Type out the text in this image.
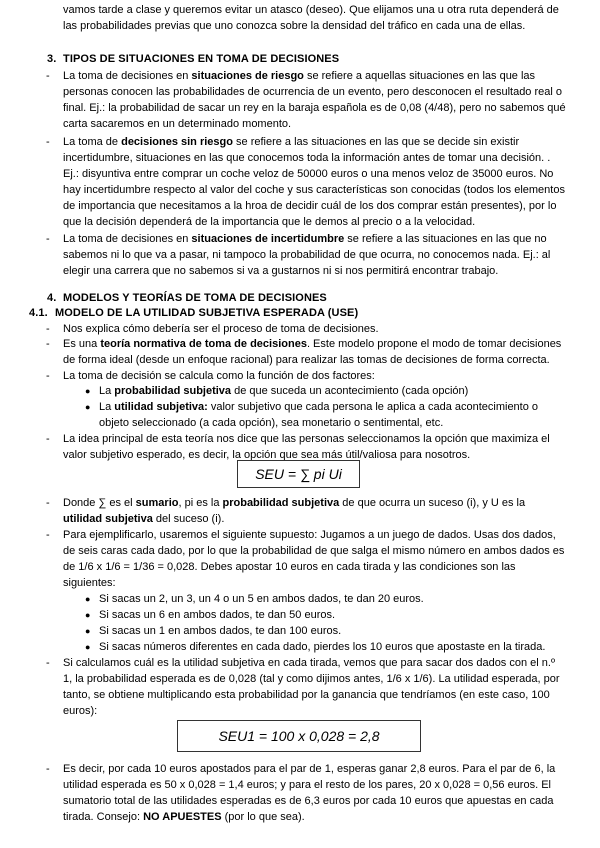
vamos tarde a clase y queremos evitar un atasco (deseo). Que elijamos una u otra ruta dependerá de
las probabilidades previas que uno conozca sobre la densidad del tráfico en cada una de ellas.
3. TIPOS DE SITUACIONES EN TOMA DE DECISIONES
- La toma de decisiones en situaciones de riesgo se refiere a aquellas situaciones en las que las
personas conocen las probabilidades de ocurrencia de un evento, pero desconocen el resultado real o
final. Ej.: la probabilidad de sacar un rey en la baraja española es de 0,08 (4/48), pero no sabemos qué
carta sacaremos en un determinado momento.
- La toma de decisiones sin riesgo se refiere a las situaciones en las que se decide sin existir
incertidumbre, situaciones en las que conocemos toda la información antes de tomar una decisión. .
Ej.: disyuntiva entre comprar un coche veloz de 50000 euros o una menos veloz de 35000 euros. No
hay incertidumbre respecto al valor del coche y sus características son conocidas (todos los elementos
de importancia que necesitamos a la hroa de decidir cuál de los dos comprar están presentes), por lo
que la decisión dependerá de la importancia que le demos al precio o a la velocidad.
- La toma de decisiones en situaciones de incertidumbre se refiere a las situaciones en las que no
sabemos ni lo que va a pasar, ni tampoco la probabilidad de que ocurra, no conocemos nada. Ej.: al
elegir una carrera que no sabemos si va a gustarnos ni si nos permitirá encontrar trabajo.
4. MODELOS Y TEORÍAS DE TOMA DE DECISIONES
4.1. MODELO DE LA UTILIDAD SUBJETIVA ESPERADA (USE)
- Nos explica cómo debería ser el proceso de toma de decisiones.
- Es una teoría normativa de toma de decisiones. Este modelo propone el modo de tomar decisiones
de forma ideal (desde un enfoque racional) para realizar las tomas de decisiones de forma correcta.
- La toma de decisión se calcula como la función de dos factores:
● La probabilidad subjetiva de que suceda un acontecimiento (cada opción)
● La utilidad subjetiva: valor subjetivo que cada persona le aplica a cada acontecimiento o
objeto seleccionado (a cada opción), sea monetario o sentimental, etc.
- La idea principal de esta teoría nos dice que las personas seleccionamos la opción que maximiza el
valor subjetivo esperado, es decir, la opción que sea más útil/valiosa para nosotros.
SEU = ∑ pi Ui
- Donde ∑ es el sumario, pi es la probabilidad subjetiva de que ocurra un suceso (i), y U es la
utilidad subjetiva del suceso (i).
- Para ejemplificarlo, usaremos el siguiente supuesto: Jugamos a un juego de dados. Usas dos dados,
de seis caras cada dado, por lo que la probabilidad de que salga el mismo número en ambos dados es
de 1/6 x 1/6 = 1/36 = 0,028. Debes apostar 10 euros en cada tirada y las condiciones son las
siguientes:
● Si sacas un 2, un 3, un 4 o un 5 en ambos dados, te dan 20 euros.
● Si sacas un 6 en ambos dados, te dan 50 euros.
● Si sacas un 1 en ambos dados, te dan 100 euros.
● Si sacas números diferentes en cada dado, pierdes los 10 euros que apostaste en la tirada.
- Si calculamos cuál es la utilidad subjetiva en cada tirada, vemos que para sacar dos dados con el n.º
1, la probabilidad esperada es de 0,028 (tal y como dijimos antes, 1/6 x 1/6). La utilidad esperada, por
tanto, se obtiene multiplicando esta probabilidad por la ganancia que tendríamos (en este caso, 100
euros):
SEU1 = 100 x 0,028 = 2,8
- Es decir, por cada 10 euros apostados para el par de 1, esperas ganar 2,8 euros. Para el par de 6, la
utilidad esperada es 50 x 0,028 = 1,4 euros; y para el resto de los pares, 20 x 0,028 = 0,56 euros. El
sumatorio total de las utilidades esperadas es de 6,3 euros por cada 10 euros que apuestas en cada
tirada. Consejo: NO APUESTES (por lo que sea).
